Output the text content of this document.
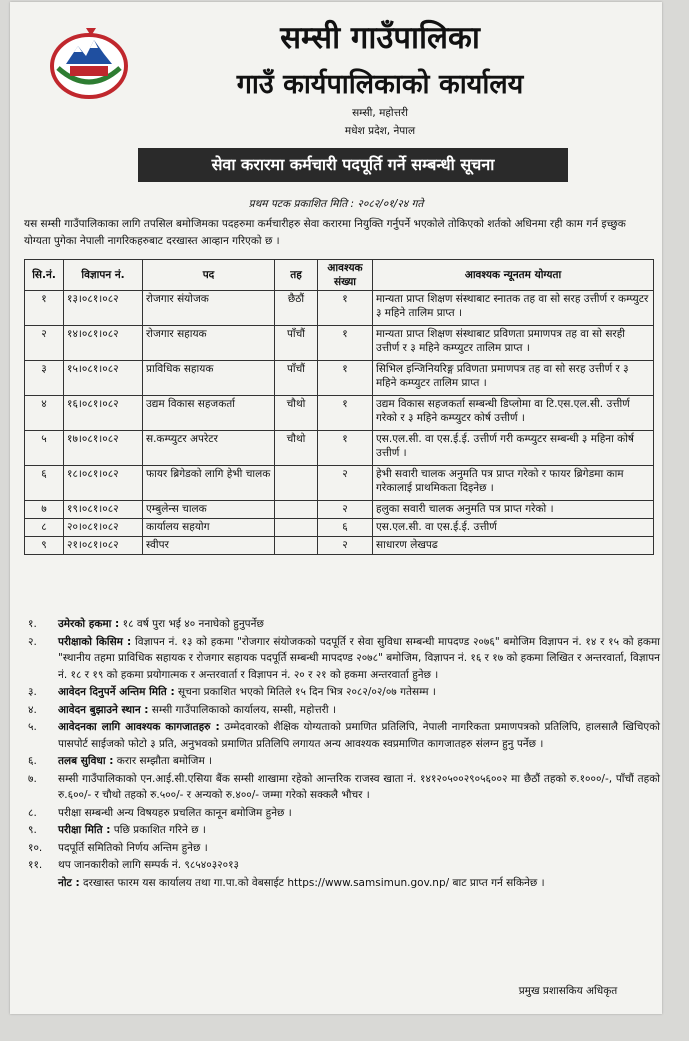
सम्सी गाउँपालिका
गाउँ कार्यपालिकाको कार्यालय
सम्सी, महोत्तरी
मधेश प्रदेश, नेपाल
सेवा करारमा कर्मचारी पदपूर्ति गर्ने सम्बन्धी सूचना
प्रथम पटक प्रकाशित मिति : २०८२/०१/२४ गते
यस सम्सी गाउँपालिकाका लागि तपसिल बमोजिमका पदहरुमा कर्मचारीहरु सेवा करारमा नियुक्ति गर्नुपर्ने भएकोले तोकिएको शर्तको अधिनमा रही काम गर्न इच्छुक योग्यता पुगेका नेपाली नागरिकहरुबाट दरखास्त आव्हान गरिएको छ ।
सि.नं.	विज्ञापन नं.	पद	तह	आवश्यक संख्या	आवश्यक न्यूनतम योग्यता
१	१३।०८१।०८२	रोजगार संयोजक	छैठौं	१	मान्यता प्राप्त शिक्षण संस्थाबाट स्नातक तह वा सो सरह उत्तीर्ण र कम्प्युटर ३ महिने तालिम प्राप्त ।
२	१४।०८१।०८२	रोजगार सहायक	पाँचौं	१	मान्यता प्राप्त शिक्षण संस्थाबाट प्रविणता प्रमाणपत्र तह वा सो सरही उत्तीर्ण र ३ महिने कम्प्युटर तालिम प्राप्त ।
३	१५।०८१।०८२	प्राविधिक सहायक	पाँचौं	१	सिभिल इन्जिनियरिङ्ग प्रविणता प्रमाणपत्र तह वा सो सरह उत्तीर्ण र ३ महिने कम्प्युटर तालिम प्राप्त ।
४	१६।०८१।०८२	उद्यम विकास सहजकर्ता	चौथो	१	उद्यम विकास सहजकर्ता सम्बन्धी डिप्लोमा वा टि.एस.एल.सी. उत्तीर्ण गरेको र ३ महिने कम्प्युटर कोर्ष उत्तीर्ण ।
५	१७।०८१।०८२	स.कम्प्युटर अपरेटर	चौथो	१	एस.एल.सी. वा एस.ई.ई. उत्तीर्ण गरी कम्प्युटर सम्बन्धी ३ महिना कोर्ष उत्तीर्ण ।
६	१८।०८१।०८२	फायर ब्रिगेडको लागि हेभी चालक		२	हेभी सवारी चालक अनुमति पत्र प्राप्त गरेको र फायर ब्रिगेडमा काम गरेकालाई प्राथमिकता दिइनेछ ।
७	१९।०८१।०८२	एम्बुलेन्स चालक		२	हलुका सवारी चालक अनुमति पत्र प्राप्त गरेको ।
८	२०।०८१।०८२	कार्यालय सहयोग		६	एस.एल.सी. वा एस.ई.ई. उत्तीर्ण
९	२१।०८१।०८२	स्वीपर		२	साधारण लेखपढ
१.	उमेरको हकमा : १८ वर्ष पुरा भई ४० ननाघेको हुनुपर्नेछ
२.	परीक्षाको किसिम : विज्ञापन नं. १३ को हकमा "रोजगार संयोजकको पदपूर्ति र सेवा सुविधा सम्बन्धी मापदण्ड २०७६" बमोजिम विज्ञापन नं. १४ र १५ को हकमा "स्थानीय तहमा प्राविधिक सहायक र रोजगार सहायक पदपूर्ति सम्बन्धी मापदण्ड २०७८" बमोजिम, विज्ञापन नं. १६ र १७ को हकमा लिखित र अन्तरवार्ता, विज्ञापन नं. १८ र १९ को हकमा प्रयोगात्मक र अन्तरवार्ता र विज्ञापन नं. २० र २१ को हकमा अन्तरवार्ता हुनेछ ।
३.	आवेदन दिनुपर्ने अन्तिम मिति : सूचना प्रकाशित भएको मितिले १५ दिन भित्र २०८२/०२/०७ गतेसम्म ।
४.	आवेदन बुझाउने स्थान : सम्सी गाउँपालिकाको कार्यालय, सम्सी, महोत्तरी ।
५.	आवेदनका लागि आवश्यक कागजातहरु : उम्मेदवारको शैक्षिक योग्यताको प्रमाणित प्रतिलिपि, नेपाली नागरिकता प्रमाणपत्रको प्रतिलिपि, हालसालै खिचिएको पासपोर्ट साईजको फोटो ३ प्रति, अनुभवको प्रमाणित प्रतिलिपि लगायत अन्य आवश्यक स्वप्रमाणित कागजातहरु संलग्न हुनु पर्नेछ ।
६.	तलब सुविधा : करार सम्झौता बमोजिम ।
७.	सम्सी गाउँपालिकाको एन.आई.सी.एसिया बैंक सम्सी शाखामा रहेको आन्तरिक राजस्व खाता नं. १४१२०५००२९०५६००२ मा छैठौं तहको रु.१०००/-, पाँचौं तहको रु.६००/- र चौथो तहको रु.५००/- र अन्यको रु.४००/- जम्मा गरेको सक्कलै भौचर ।
८.	परीक्षा सम्बन्धी अन्य विषयहरु प्रचलित कानून बमोजिम हुनेछ ।
९.	परीक्षा मिति : पछि प्रकाशित गरिने छ ।
१०.	पदपूर्ति समितिको निर्णय अन्तिम हुनेछ ।
११.	थप जानकारीको लागि सम्पर्क नं. ९८५४०३२०१३
नोट : दरखास्त फारम यस कार्यालय तथा गा.पा.को वेबसाईट https://www.samsimun.gov.np/ बाट प्राप्त गर्न सकिनेछ ।
प्रमुख प्रशासकिय अधिकृत
